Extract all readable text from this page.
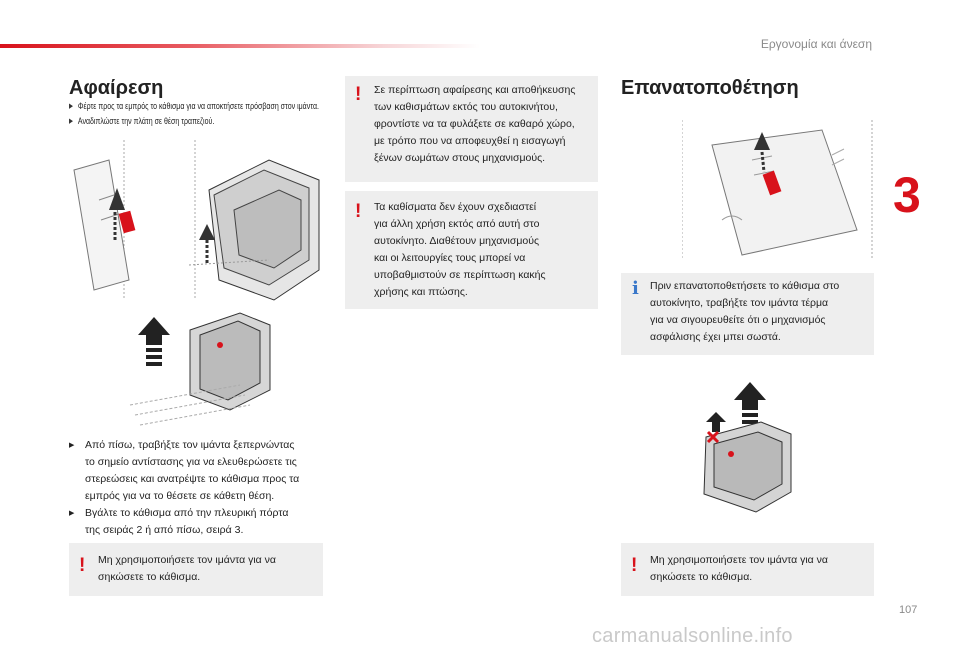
Εργονομία και άνεση
3
Αφαίρεση
▶ Φέρτε προς τα εμπρός το κάθισμα για να αποκτήσετε πρόσβαση στον ιμάντα.
▶ Αναδιπλώστε την πλάτη σε θέση τραπεζιού.
▶ Από πίσω, τραβήξτε τον ιμάντα ξεπερνώντας
το σημείο αντίστασης για να ελευθερώσετε τις
στερεώσεις και ανατρέψτε το κάθισμα προς τα
εμπρός για να το θέσετε σε κάθετη θέση.
▶ Βγάλτε το κάθισμα από την πλευρική πόρτα
της σειράς 2 ή από πίσω, σειρά 3.
! Μη χρησιμοποιήσετε τον ιμάντα για να
σηκώσετε το κάθισμα.
! Σε περίπτωση αφαίρεσης και αποθήκευσης
των καθισμάτων εκτός του αυτοκινήτου,
φροντίστε να τα φυλάξετε σε καθαρό χώρο,
με τρόπο που να αποφευχθεί η εισαγωγή
ξένων σωμάτων στους μηχανισμούς.
! Τα καθίσματα δεν έχουν σχεδιαστεί
για άλλη χρήση εκτός από αυτή στο
αυτοκίνητο. Διαθέτουν μηχανισμούς
και οι λειτουργίες τους μπορεί να
υποβαθμιστούν σε περίπτωση κακής
χρήσης και πτώσης.
Επανατοποθέτηση
i Πριν επανατοποθετήσετε το κάθισμα στο
αυτοκίνητο, τραβήξτε τον ιμάντα τέρμα
για να σιγουρευθείτε ότι ο μηχανισμός
ασφάλισης έχει μπει σωστά.
! Μη χρησιμοποιήσετε τον ιμάντα για να
σηκώσετε το κάθισμα.
107
carmanualsonline.info
